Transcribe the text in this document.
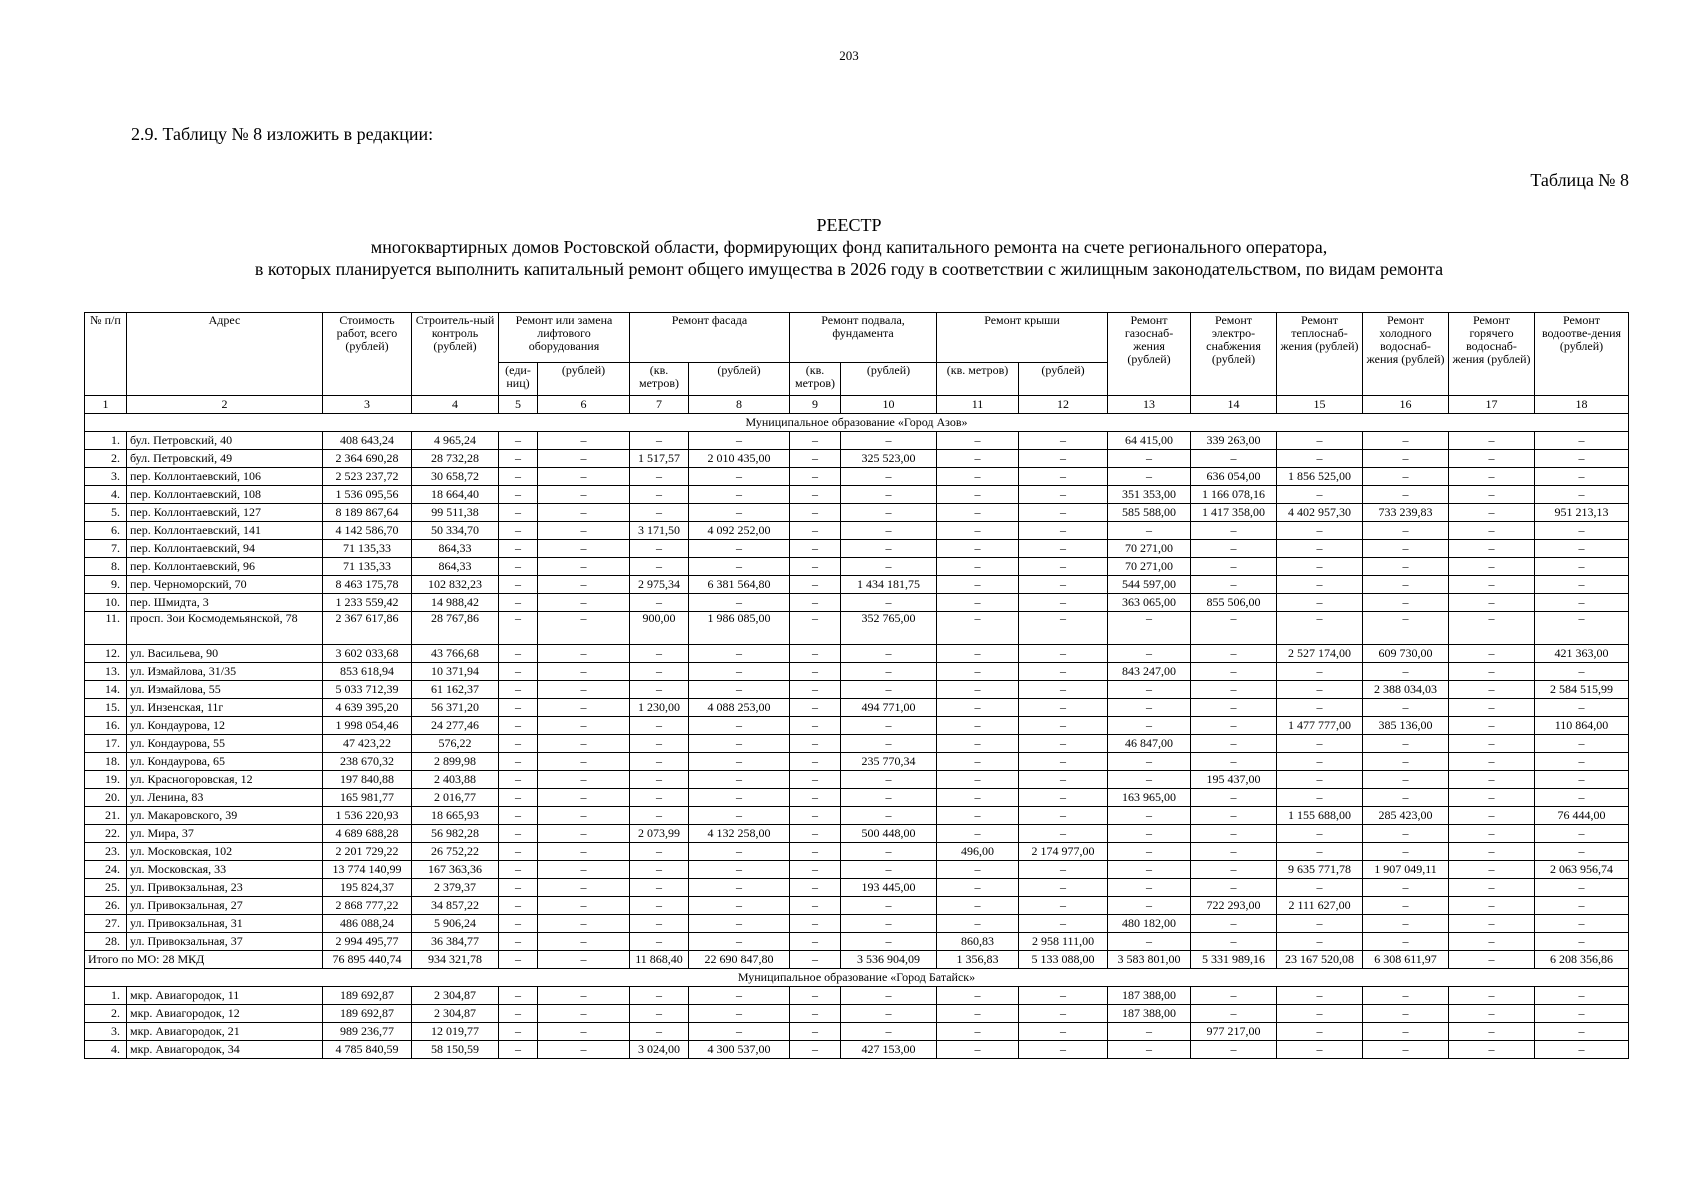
203
2.9. Таблицу № 8 изложить в редакции:
Таблица № 8
РЕЕСТР
многоквартирных домов Ростовской области, формирующих фонд капитального ремонта на счете регионального оператора,
в которых планируется выполнить капитальный ремонт общего имущества в 2026 году в соответствии с жилищным законодательством, по видам ремонта
№ п/п	Адрес	Стоимость работ, всего (рублей)	Строитель-ный контроль (рублей)	Ремонт или замена лифтового оборудования		Ремонт фасада		Ремонт подвала, фундамента		Ремонт крыши		Ремонт газоснаб-жения (рублей)	Ремонт электро-снабжения (рублей)	Ремонт теплоснаб-жения (рублей)	Ремонт холодного водоснаб-жения (рублей)	Ремонт горячего водоснаб-жения (рублей)	Ремонт водоотве-дения (рублей)
				(еди-ниц)	(рублей)	(кв. метров)	(рублей)	(кв. метров)	(рублей)	(кв. метров)	(рублей)						
1	2	3	4	5	6	7	8	9	10	11	12	13	14	15	16	17	18
Муниципальное образование «Город Азов»																	
1.	бул. Петровский, 40	408 643,24	4 965,24	–	–	–	–	–	–	–	–	64 415,00	339 263,00	–	–	–	–
2.	бул. Петровский, 49	2 364 690,28	28 732,28	–	–	1 517,57	2 010 435,00	–	325 523,00	–	–	–	–	–	–	–	–
3.	пер. Коллонтаевский, 106	2 523 237,72	30 658,72	–	–	–	–	–	–	–	–	–	636 054,00	1 856 525,00	–	–	–
4.	пер. Коллонтаевский, 108	1 536 095,56	18 664,40	–	–	–	–	–	–	–	–	351 353,00	1 166 078,16	–	–	–	–
5.	пер. Коллонтаевский, 127	8 189 867,64	99 511,38	–	–	–	–	–	–	–	–	585 588,00	1 417 358,00	4 402 957,30	733 239,83	–	951 213,13
6.	пер. Коллонтаевский, 141	4 142 586,70	50 334,70	–	–	3 171,50	4 092 252,00	–	–	–	–	–	–	–	–	–	–
7.	пер. Коллонтаевский, 94	71 135,33	864,33	–	–	–	–	–	–	–	–	70 271,00	–	–	–	–	–
8.	пер. Коллонтаевский, 96	71 135,33	864,33	–	–	–	–	–	–	–	–	70 271,00	–	–	–	–	–
9.	пер. Черноморский, 70	8 463 175,78	102 832,23	–	–	2 975,34	6 381 564,80	–	1 434 181,75	–	–	544 597,00	–	–	–	–	–
10.	пер. Шмидта, 3	1 233 559,42	14 988,42	–	–	–	–	–	–	–	–	363 065,00	855 506,00	–	–	–	–
11.	просп. Зои Космодемьянской, 78	2 367 617,86	28 767,86	–	–	900,00	1 986 085,00	–	352 765,00	–	–	–	–	–	–	–	–
12.	ул. Васильева, 90	3 602 033,68	43 766,68	–	–	–	–	–	–	–	–	–	–	2 527 174,00	609 730,00	–	421 363,00
13.	ул. Измайлова, 31/35	853 618,94	10 371,94	–	–	–	–	–	–	–	–	843 247,00	–	–	–	–	–
14.	ул. Измайлова, 55	5 033 712,39	61 162,37	–	–	–	–	–	–	–	–	–	–	–	2 388 034,03	–	2 584 515,99
15.	ул. Инзенская, 11г	4 639 395,20	56 371,20	–	–	1 230,00	4 088 253,00	–	494 771,00	–	–	–	–	–	–	–	–
16.	ул. Кондаурова, 12	1 998 054,46	24 277,46	–	–	–	–	–	–	–	–	–	–	1 477 777,00	385 136,00	–	110 864,00
17.	ул. Кондаурова, 55	47 423,22	576,22	–	–	–	–	–	–	–	–	46 847,00	–	–	–	–	–
18.	ул. Кондаурова, 65	238 670,32	2 899,98	–	–	–	–	–	235 770,34	–	–	–	–	–	–	–	–
19.	ул. Красногоровская, 12	197 840,88	2 403,88	–	–	–	–	–	–	–	–	–	195 437,00	–	–	–	–
20.	ул. Ленина, 83	165 981,77	2 016,77	–	–	–	–	–	–	–	–	163 965,00	–	–	–	–	–
21.	ул. Макаровского, 39	1 536 220,93	18 665,93	–	–	–	–	–	–	–	–	–	–	1 155 688,00	285 423,00	–	76 444,00
22.	ул. Мира, 37	4 689 688,28	56 982,28	–	–	2 073,99	4 132 258,00	–	500 448,00	–	–	–	–	–	–	–	–
23.	ул. Московская, 102	2 201 729,22	26 752,22	–	–	–	–	–	–	496,00	2 174 977,00	–	–	–	–	–	–
24.	ул. Московская, 33	13 774 140,99	167 363,36	–	–	–	–	–	–	–	–	–	–	9 635 771,78	1 907 049,11	–	2 063 956,74
25.	ул. Привокзальная, 23	195 824,37	2 379,37	–	–	–	–	–	193 445,00	–	–	–	–	–	–	–	–
26.	ул. Привокзальная, 27	2 868 777,22	34 857,22	–	–	–	–	–	–	–	–	–	722 293,00	2 111 627,00	–	–	–
27.	ул. Привокзальная, 31	486 088,24	5 906,24	–	–	–	–	–	–	–	–	480 182,00	–	–	–	–	–
28.	ул. Привокзальная, 37	2 994 495,77	36 384,77	–	–	–	–	–	–	860,83	2 958 111,00	–	–	–	–	–	–
Итого по МО: 28 МКД		76 895 440,74	934 321,78	–	–	11 868,40	22 690 847,80	–	3 536 904,09	1 356,83	5 133 088,00	3 583 801,00	5 331 989,16	23 167 520,08	6 308 611,97	–	6 208 356,86
Муниципальное образование «Город Батайск»																	
1.	мкр. Авиагородок, 11	189 692,87	2 304,87	–	–	–	–	–	–	–	–	187 388,00	–	–	–	–	–
2.	мкр. Авиагородок, 12	189 692,87	2 304,87	–	–	–	–	–	–	–	–	187 388,00	–	–	–	–	–
3.	мкр. Авиагородок, 21	989 236,77	12 019,77	–	–	–	–	–	–	–	–	–	977 217,00	–	–	–	–
4.	мкр. Авиагородок, 34	4 785 840,59	58 150,59	–	–	3 024,00	4 300 537,00	–	427 153,00	–	–	–	–	–	–	–	–
